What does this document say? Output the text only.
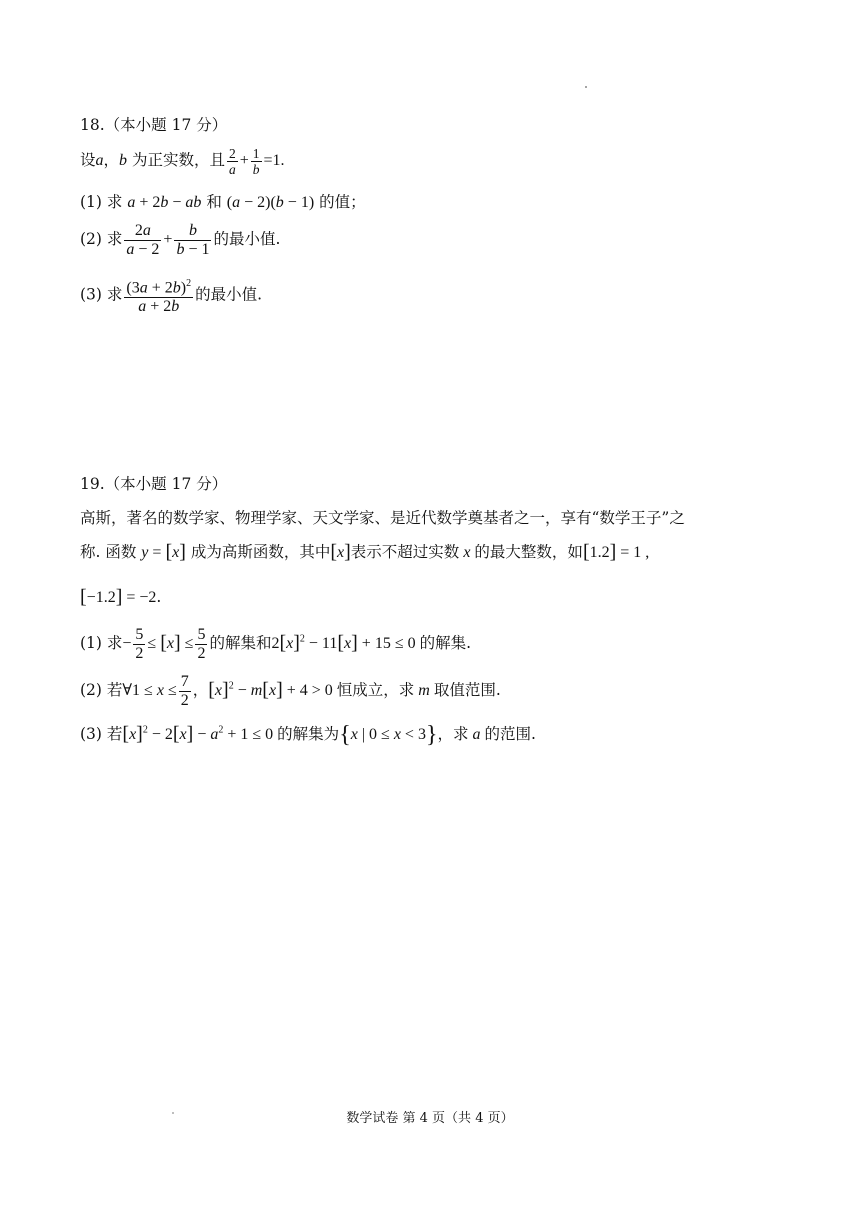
18.（本小题 17 分）
设a，b 为正实数，且 $\frac{2}{a} + \frac{1}{b} =1$.
(1) 求 a + 2b − ab 和 (a − 2)(b − 1) 的值；
(2) 求 $\frac{2a}{a - 2} + \frac{b}{b - 1}$ 的最小值.
(3) 求 $\frac{(3a + 2b)^2}{a + 2b}$ 的最小值.
19.（本小题 17 分）
高斯，著名的数学家、物理学家、天文学家、是近代数学奠基者之一，享有“数学王子”之
称. 函数 y = [x] 成为高斯函数，其中[x]表示不超过实数 x 的最大整数，如[1.2] = 1 ,
[−1.2] = −2.
(1) 求− $\frac{5}{2} \le [x] \le \frac{5}{2}$ 的解集和$2[x]^2 - 11[x] + 15 \le 0$ 的解集.
(2) 若∀1 ≤ $x \le \frac{7}{2}$ ，$[x]^2 - m[x] + 4 > 0$ 恒成立，求 m 取值范围.
(3) 若$[x]^2 - 2[x] - a^2 + 1 \le 0$ 的解集为{x | 0 ≤ x < 3}，求 a 的范围.
数学试卷 第 4 页（共 4 页）
